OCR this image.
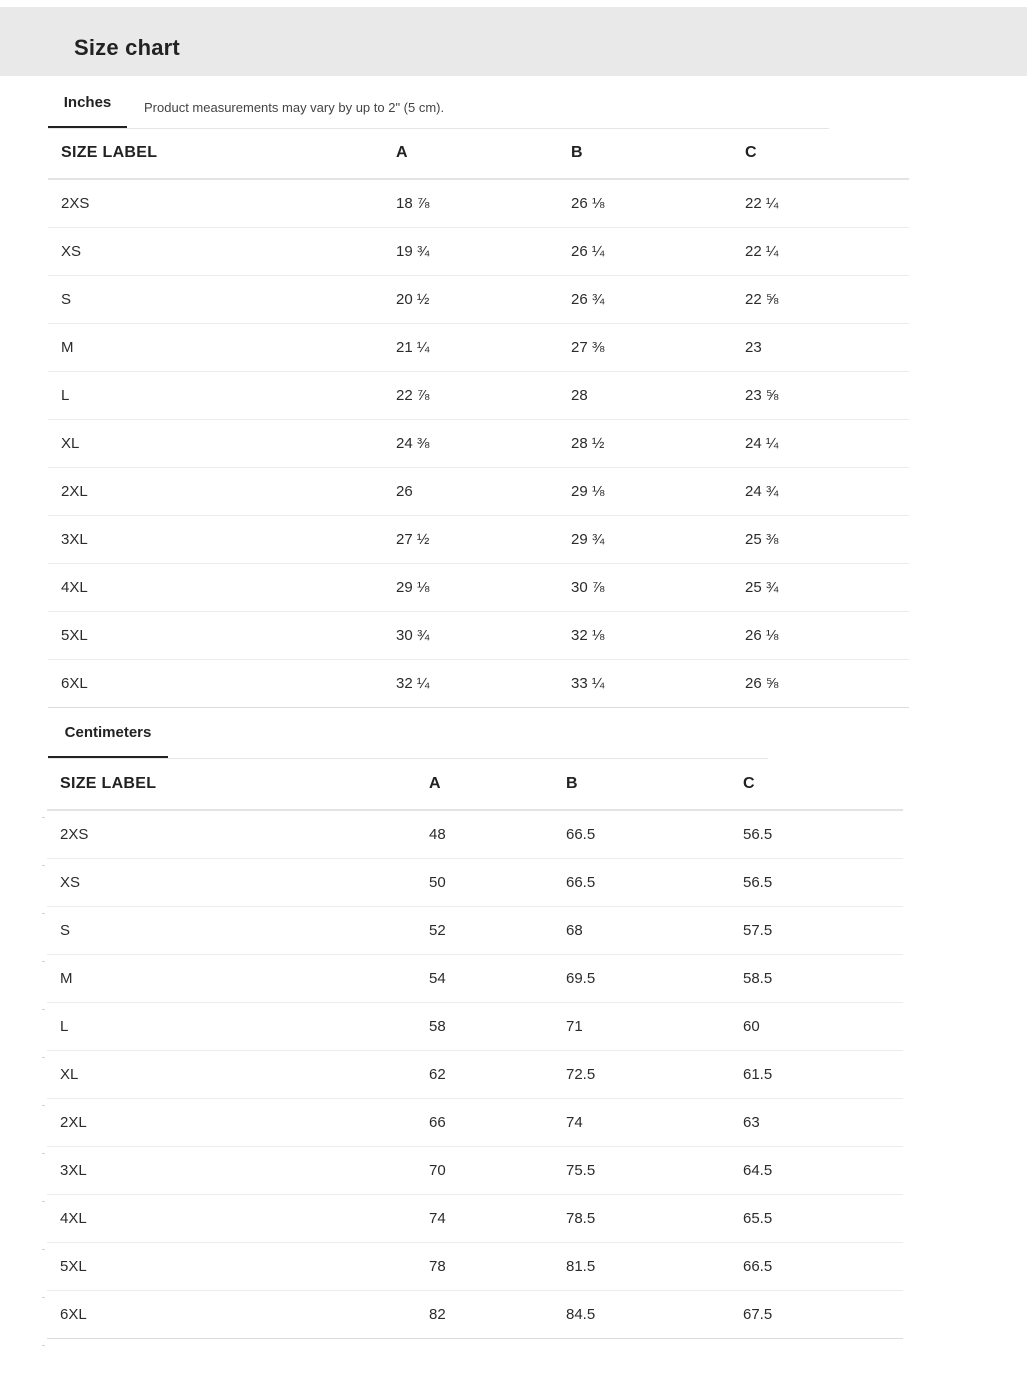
Size chart
Inches	Product measurements may vary by up to 2" (5 cm).
SIZE LABEL	A	B	C
2XS	18 ⅞	26 ⅛	22 ¼
XS	19 ¾	26 ¼	22 ¼
S	20 ½	26 ¾	22 ⅝
M	21 ¼	27 ⅜	23
L	22 ⅞	28	23 ⅝
XL	24 ⅜	28 ½	24 ¼
2XL	26	29 ⅛	24 ¾
3XL	27 ½	29 ¾	25 ⅜
4XL	29 ⅛	30 ⅞	25 ¾
5XL	30 ¾	32 ⅛	26 ⅛
6XL	32 ¼	33 ¼	26 ⅝
Centimeters
SIZE LABEL	A	B	C
2XS	48	66.5	56.5
XS	50	66.5	56.5
S	52	68	57.5
M	54	69.5	58.5
L	58	71	60
XL	62	72.5	61.5
2XL	66	74	63
3XL	70	75.5	64.5
4XL	74	78.5	65.5
5XL	78	81.5	66.5
6XL	82	84.5	67.5
